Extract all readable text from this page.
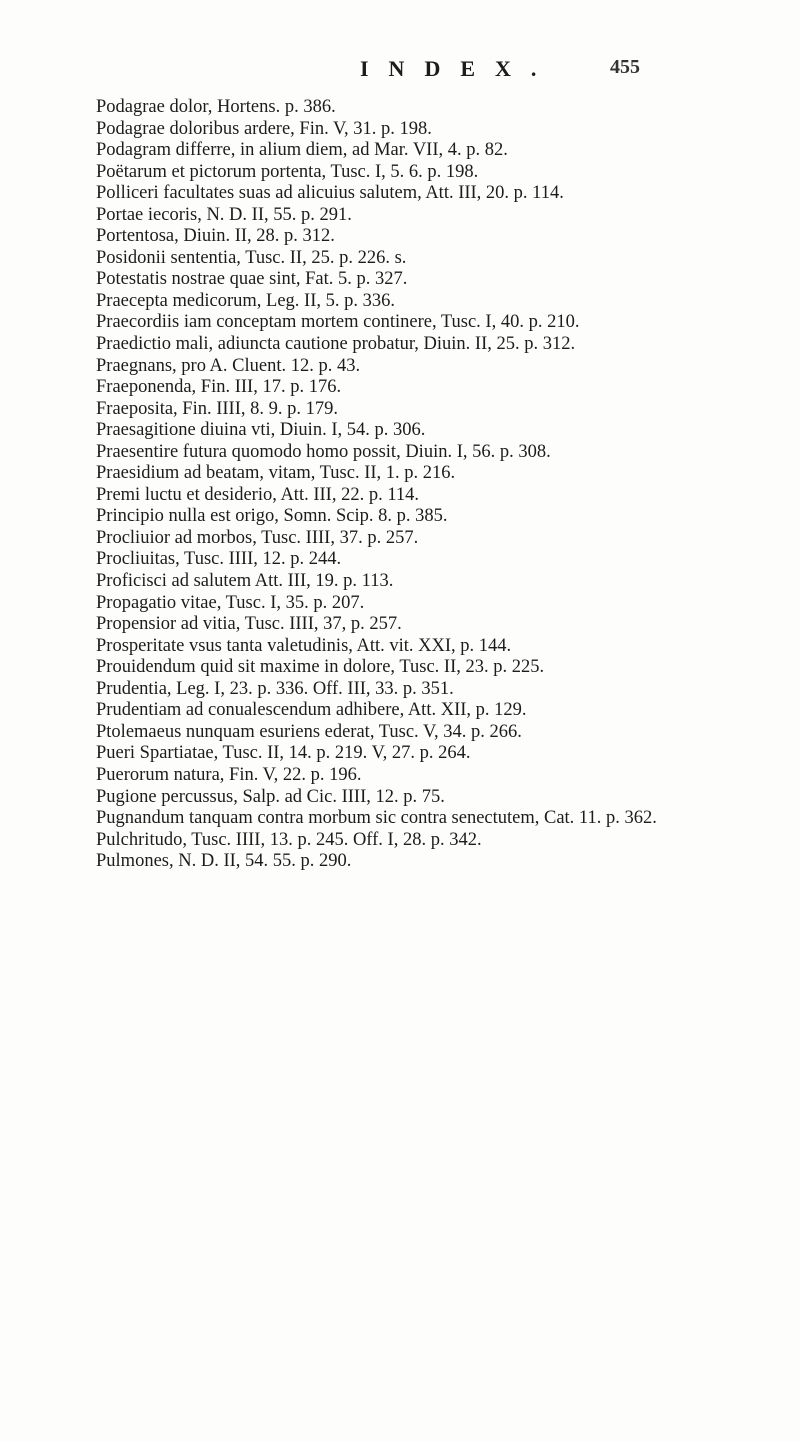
INDEX.	455
Podagrae dolor, Hortens. p. 386.
Podagrae doloribus ardere, Fin. V, 31. p. 198.
Podagram differre, in alium diem, ad Mar. VII, 4. p. 82.
Poëtarum et pictorum portenta, Tusc. I, 5. 6. p. 198.
Polliceri facultates suas ad alicuius salutem, Att. III, 20. p. 114.
Portae iecoris, N. D. II, 55. p. 291.
Portentosa, Diuin. II, 28. p. 312.
Posidonii sententia, Tusc. II, 25. p. 226. s.
Potestatis nostrae quae sint, Fat. 5. p. 327.
Praecepta medicorum, Leg. II, 5. p. 336.
Praecordiis iam conceptam mortem continere, Tusc. I, 40. p. 210.
Praedictio mali, adiuncta cautione probatur, Diuin. II, 25. p. 312.
Praegnans, pro A. Cluent. 12. p. 43.
Fraeponenda, Fin. III, 17. p. 176.
Fraeposita, Fin. IIII, 8. 9. p. 179.
Praesagitione diuina vti, Diuin. I, 54. p. 306.
Praesentire futura quomodo homo possit, Diuin. I, 56. p. 308.
Praesidium ad beatam, vitam, Tusc. II, 1. p. 216.
Premi luctu et desiderio, Att. III, 22. p. 114.
Principio nulla est origo, Somn. Scip. 8. p. 385.
Procliuior ad morbos, Tusc. IIII, 37. p. 257.
Procliuitas, Tusc. IIII, 12. p. 244.
Proficisci ad salutem Att. III, 19. p. 113.
Propagatio vitae, Tusc. I, 35. p. 207.
Propensior ad vitia, Tusc. IIII, 37, p. 257.
Prosperitate vsus tanta valetudinis, Att. vit. XXI, p. 144.
Prouidendum quid sit maxime in dolore, Tusc. II, 23. p. 225.
Prudentia, Leg. I, 23. p. 336. Off. III, 33. p. 351.
Prudentiam ad conualescendum adhibere, Att. XII, p. 129.
Ptolemaeus nunquam esuriens ederat, Tusc. V, 34. p. 266.
Pueri Spartiatae, Tusc. II, 14. p. 219. V, 27. p. 264.
Puerorum natura, Fin. V, 22. p. 196.
Pugione percussus, Salp. ad Cic. IIII, 12. p. 75.
Pugnandum tanquam contra morbum sic contra senectutem, Cat. 11. p. 362.
Pulchritudo, Tusc. IIII, 13. p. 245. Off. I, 28. p. 342.
Pulmones, N. D. II, 54. 55. p. 290.
